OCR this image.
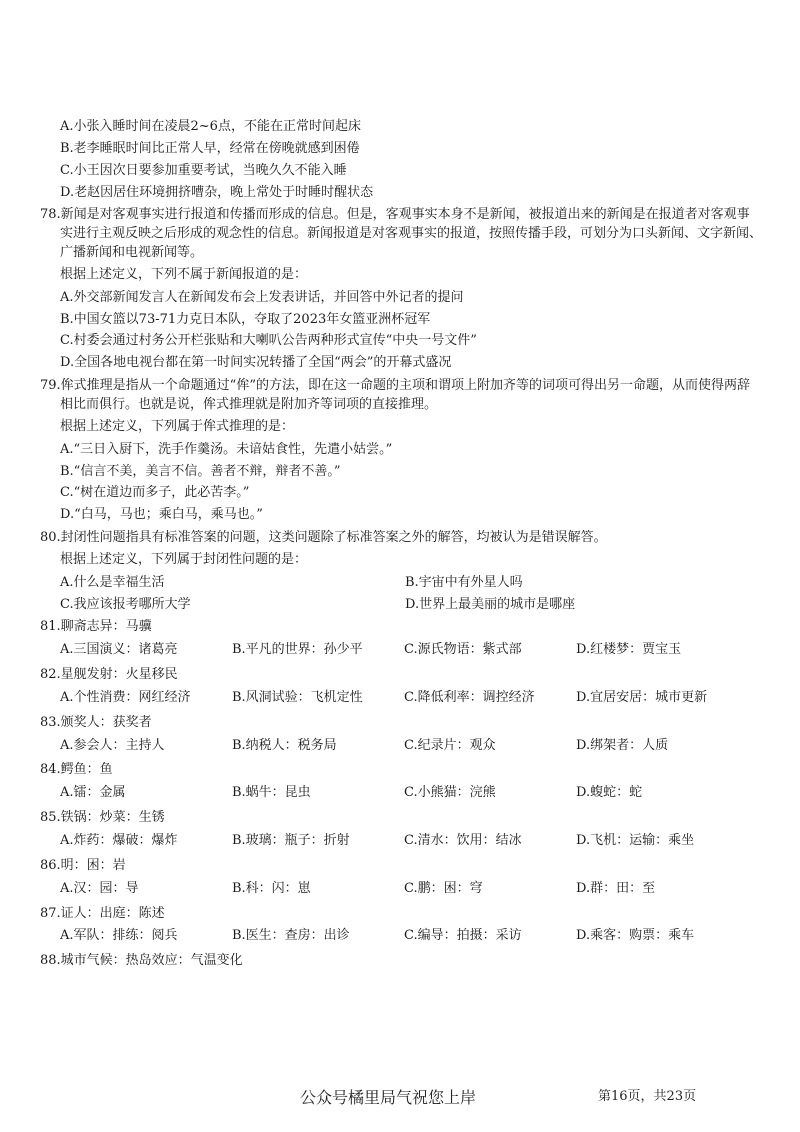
A.小张入睡时间在凌晨2~6点，不能在正常时间起床

B.老李睡眠时间比正常人早，经常在傍晚就感到困倦

C.小王因次日要参加重要考试，当晚久久不能入睡

D.老赵因居住环境拥挤嘈杂，晚上常处于时睡时醒状态

78.新闻是对客观事实进行报道和传播而形成的信息。但是，客观事实本身不是新闻，被报道出来的新闻是在报道者对客观事实进行主观反映之后形成的观念性的信息。新闻报道是对客观事实的报道，按照传播手段，可划分为口头新闻、文字新闻、广播新闻和电视新闻等。

根据上述定义，下列不属于新闻报道的是：

A.外交部新闻发言人在新闻发布会上发表讲话，并回答中外记者的提问

B.中国女篮以73-71力克日本队，夺取了2023年女篮亚洲杯冠军

C.村委会通过村务公开栏张贴和大喇叭公告两种形式宣传“中央一号文件”

D.全国各地电视台都在第一时间实况转播了全国“两会”的开幕式盛况

79.侔式推理是指从一个命题通过“侔”的方法，即在这一命题的主项和谓项上附加齐等的词项可得出另一命题，从而使得两辞相比而俱行。也就是说，侔式推理就是附加齐等词项的直接推理。

根据上述定义，下列属于侔式推理的是：

A.“三日入厨下，洗手作羹汤。未谙姑食性，先遣小姑尝。”

B.“信言不美，美言不信。善者不辩，辩者不善。”

C.“树在道边而多子，此必苦李。”

D.“白马，马也；乘白马，乘马也。”

80.封闭性问题指具有标准答案的问题，这类问题除了标准答案之外的解答，均被认为是错误解答。

根据上述定义，下列属于封闭性问题的是：

A.什么是幸福生活	B.宇宙中有外星人吗
C.我应该报考哪所大学	D.世界上最美丽的城市是哪座

81.聊斋志异：马骥

A.三国演义：诸葛亮	B.平凡的世界：孙少平	C.源氏物语：紫式部	D.红楼梦：贾宝玉

82.星舰发射：火星移民

A.个性消费：网红经济	B.风洞试验：飞机定性	C.降低利率：调控经济	D.宜居安居：城市更新

83.颁奖人：获奖者

A.参会人：主持人	B.纳税人：税务局	C.纪录片：观众	D.绑架者：人质

84.鳄鱼：鱼

A.镭：金属	B.蜗牛：昆虫	C.小熊猫：浣熊	D.蝮蛇：蛇

85.铁锅：炒菜：生锈

A.炸药：爆破：爆炸	B.玻璃：瓶子：折射	C.清水：饮用：结冰	D.飞机：运输：乘坐

86.明：困：岩

A.汉：园：导	B.科：闪：崽	C.鹏：困：穹	D.群：田：至

87.证人：出庭：陈述

A.军队：排练：阅兵	B.医生：查房：出诊	C.编导：拍摄：采访	D.乘客：购票：乘车

88.城市气候：热岛效应：气温变化

公众号橘里局气祝您上岸	第16页，共23页
